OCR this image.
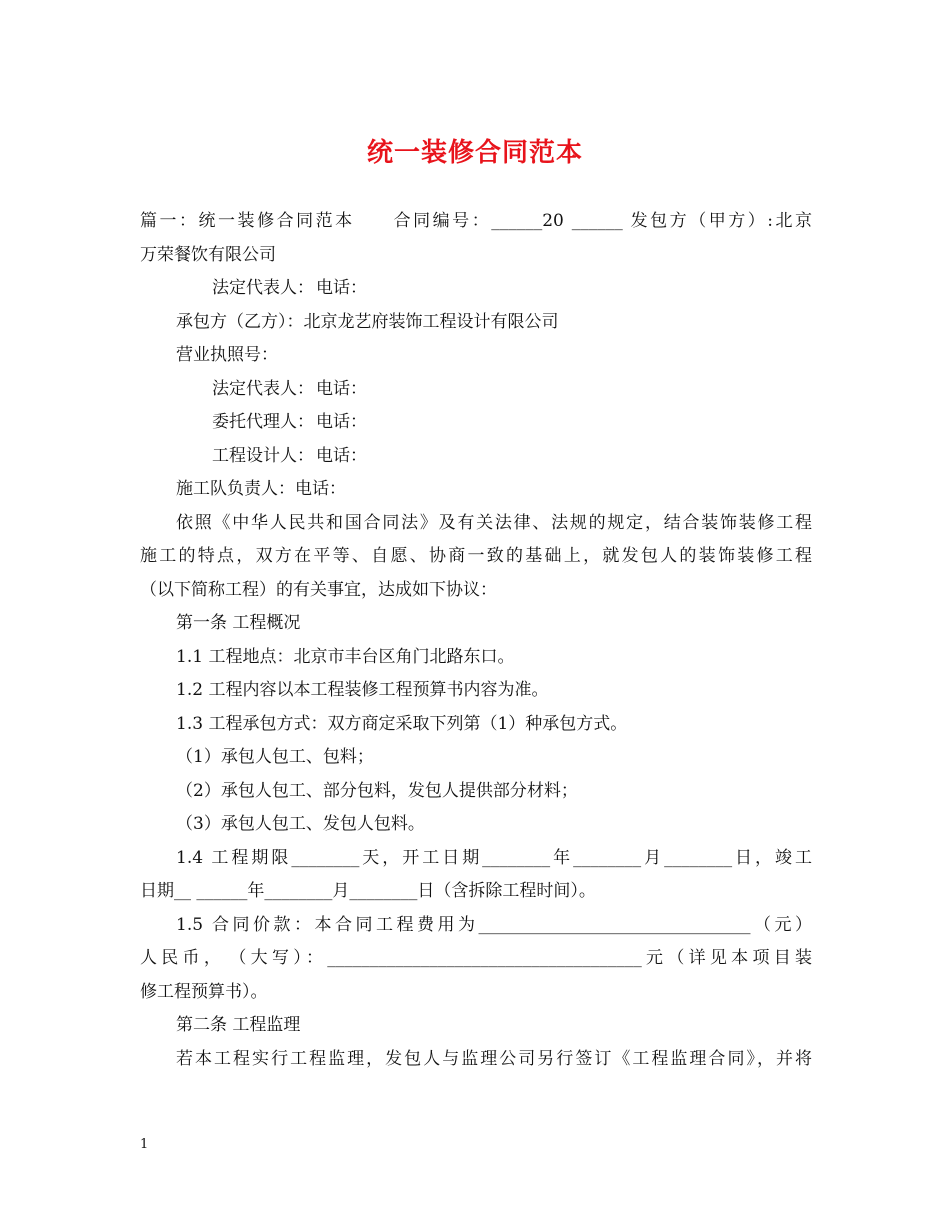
统一装修合同范本

篇一：统一装修合同范本　　合同编号：______20 ______ 发包方（甲方）:北京

万荣餐饮有限公司

法定代表人： 电话：

承包方（乙方）：北京龙艺府装饰工程设计有限公司

营业执照号：

法定代表人： 电话：

委托代理人： 电话：

工程设计人： 电话：

施工队负责人：电话：

依照《中华人民共和国合同法》及有关法律、法规的规定，结合装饰装修工程

施工的特点，双方在平等、自愿、协商一致的基础上，就发包人的装饰装修工程

（以下简称工程）的有关事宜，达成如下协议：

第一条 工程概况

1.1 工程地点：北京市丰台区角门北路东口。

1.2 工程内容以本工程装修工程预算书内容为准。

1.3 工程承包方式：双方商定采取下列第（1）种承包方式。

（1）承包人包工、包料；

（2）承包人包工、部分包料，发包人提供部分材料；

（3）承包人包工、发包人包料。

1.4 工程期限________天，开工日期________年________月________日，竣工

日期__ ______年________月________日（含拆除工程时间）。

1.5 合同价款：本合同工程费用为________________________________（元）

人民币，　（大写）：_____________________________________元（详见本项目装

修工程预算书）。

第二条 工程监理

若本工程实行工程监理，发包人与监理公司另行签订《工程监理合同》，并将

1
